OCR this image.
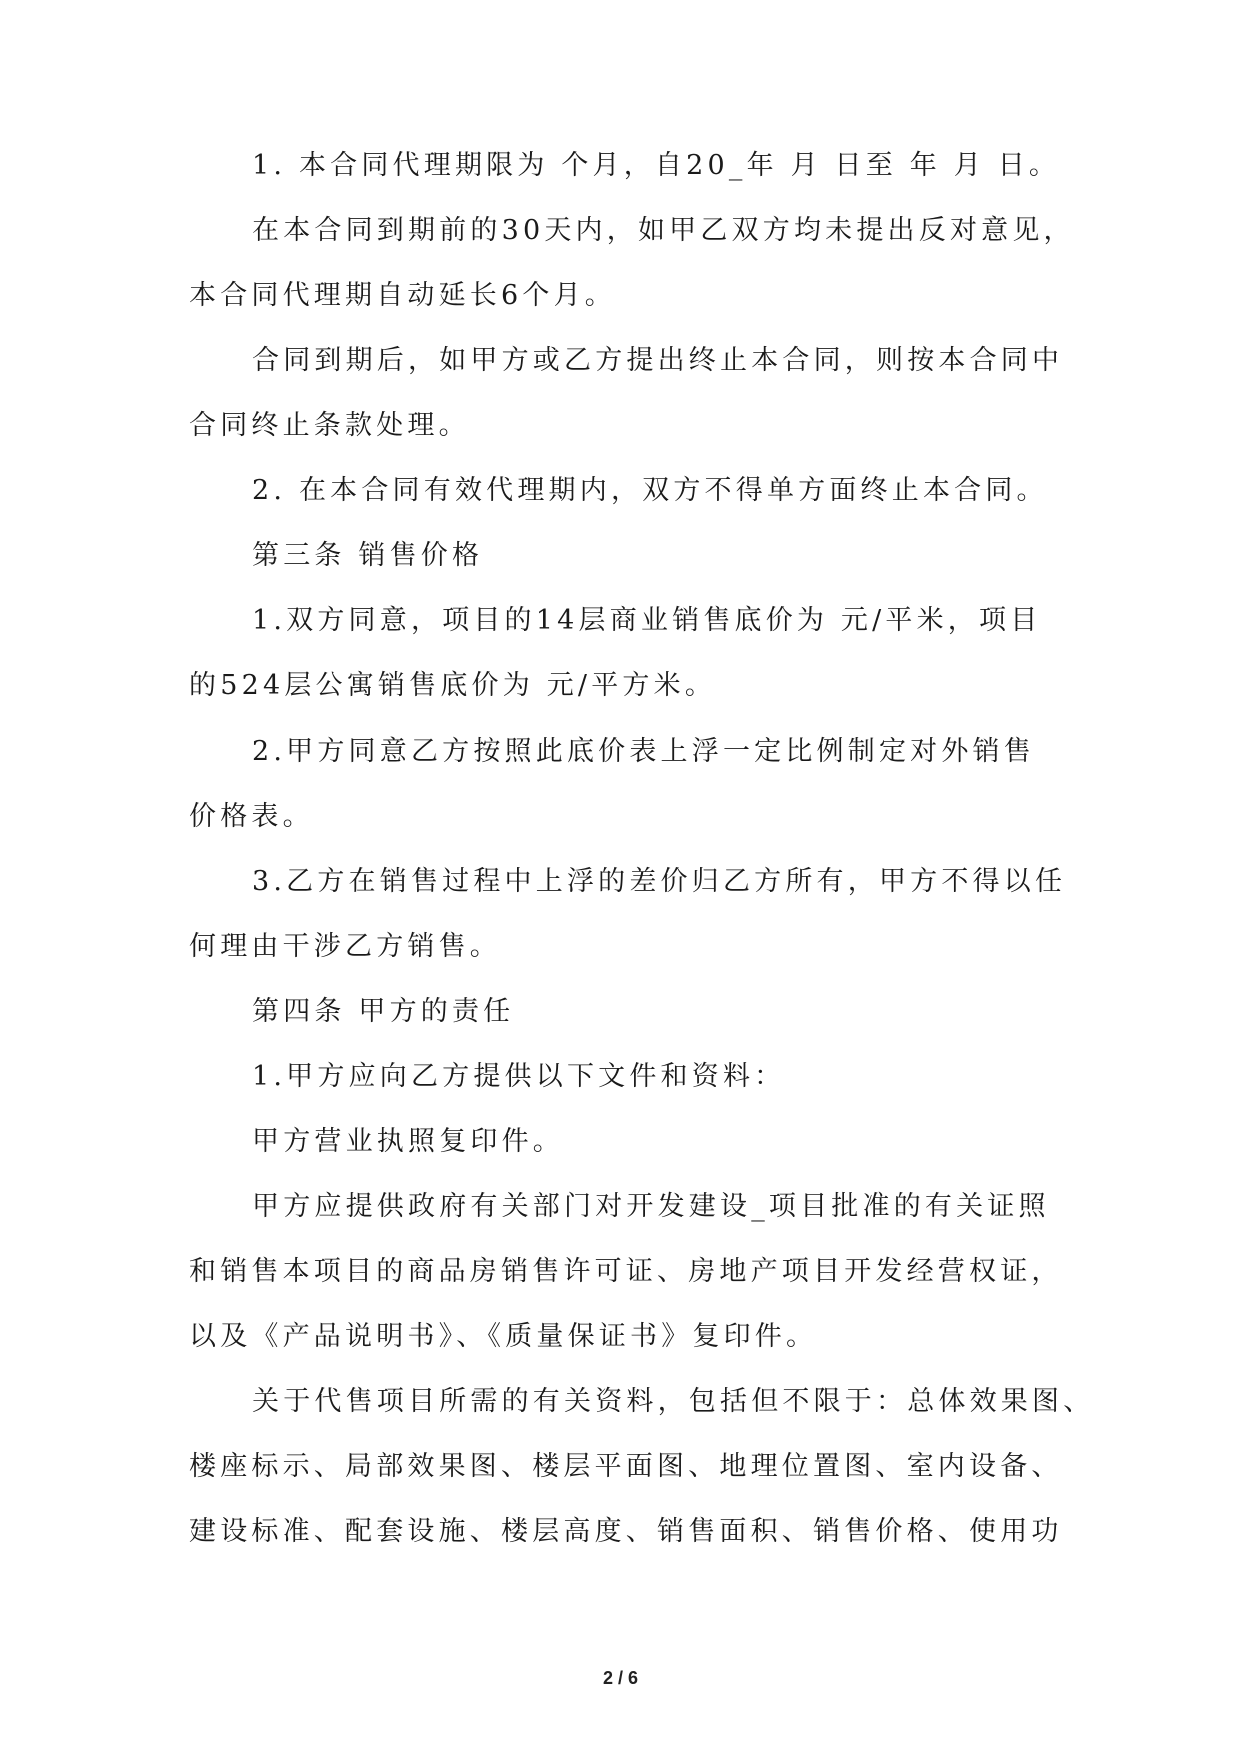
1. 本合同代理期限为 个月，自20_年 月 日至 年 月 日。
在本合同到期前的30天内，如甲乙双方均未提出反对意见，
本合同代理期自动延长6个月。
合同到期后，如甲方或乙方提出终止本合同，则按本合同中
合同终止条款处理。
2. 在本合同有效代理期内，双方不得单方面终止本合同。
第三条 销售价格
1.双方同意，项目的14层商业销售底价为 元/平米，项目
的524层公寓销售底价为 元/平方米。
2.甲方同意乙方按照此底价表上浮一定比例制定对外销售
价格表。
3.乙方在销售过程中上浮的差价归乙方所有，甲方不得以任
何理由干涉乙方销售。
第四条 甲方的责任
1.甲方应向乙方提供以下文件和资料：
甲方营业执照复印件。
甲方应提供政府有关部门对开发建设_项目批准的有关证照
和销售本项目的商品房销售许可证、房地产项目开发经营权证，
以及《产品说明书》、《质量保证书》复印件。
关于代售项目所需的有关资料，包括但不限于：总体效果图、
楼座标示、局部效果图、楼层平面图、地理位置图、室内设备、
建设标准、配套设施、楼层高度、销售面积、销售价格、使用功
2 / 6
